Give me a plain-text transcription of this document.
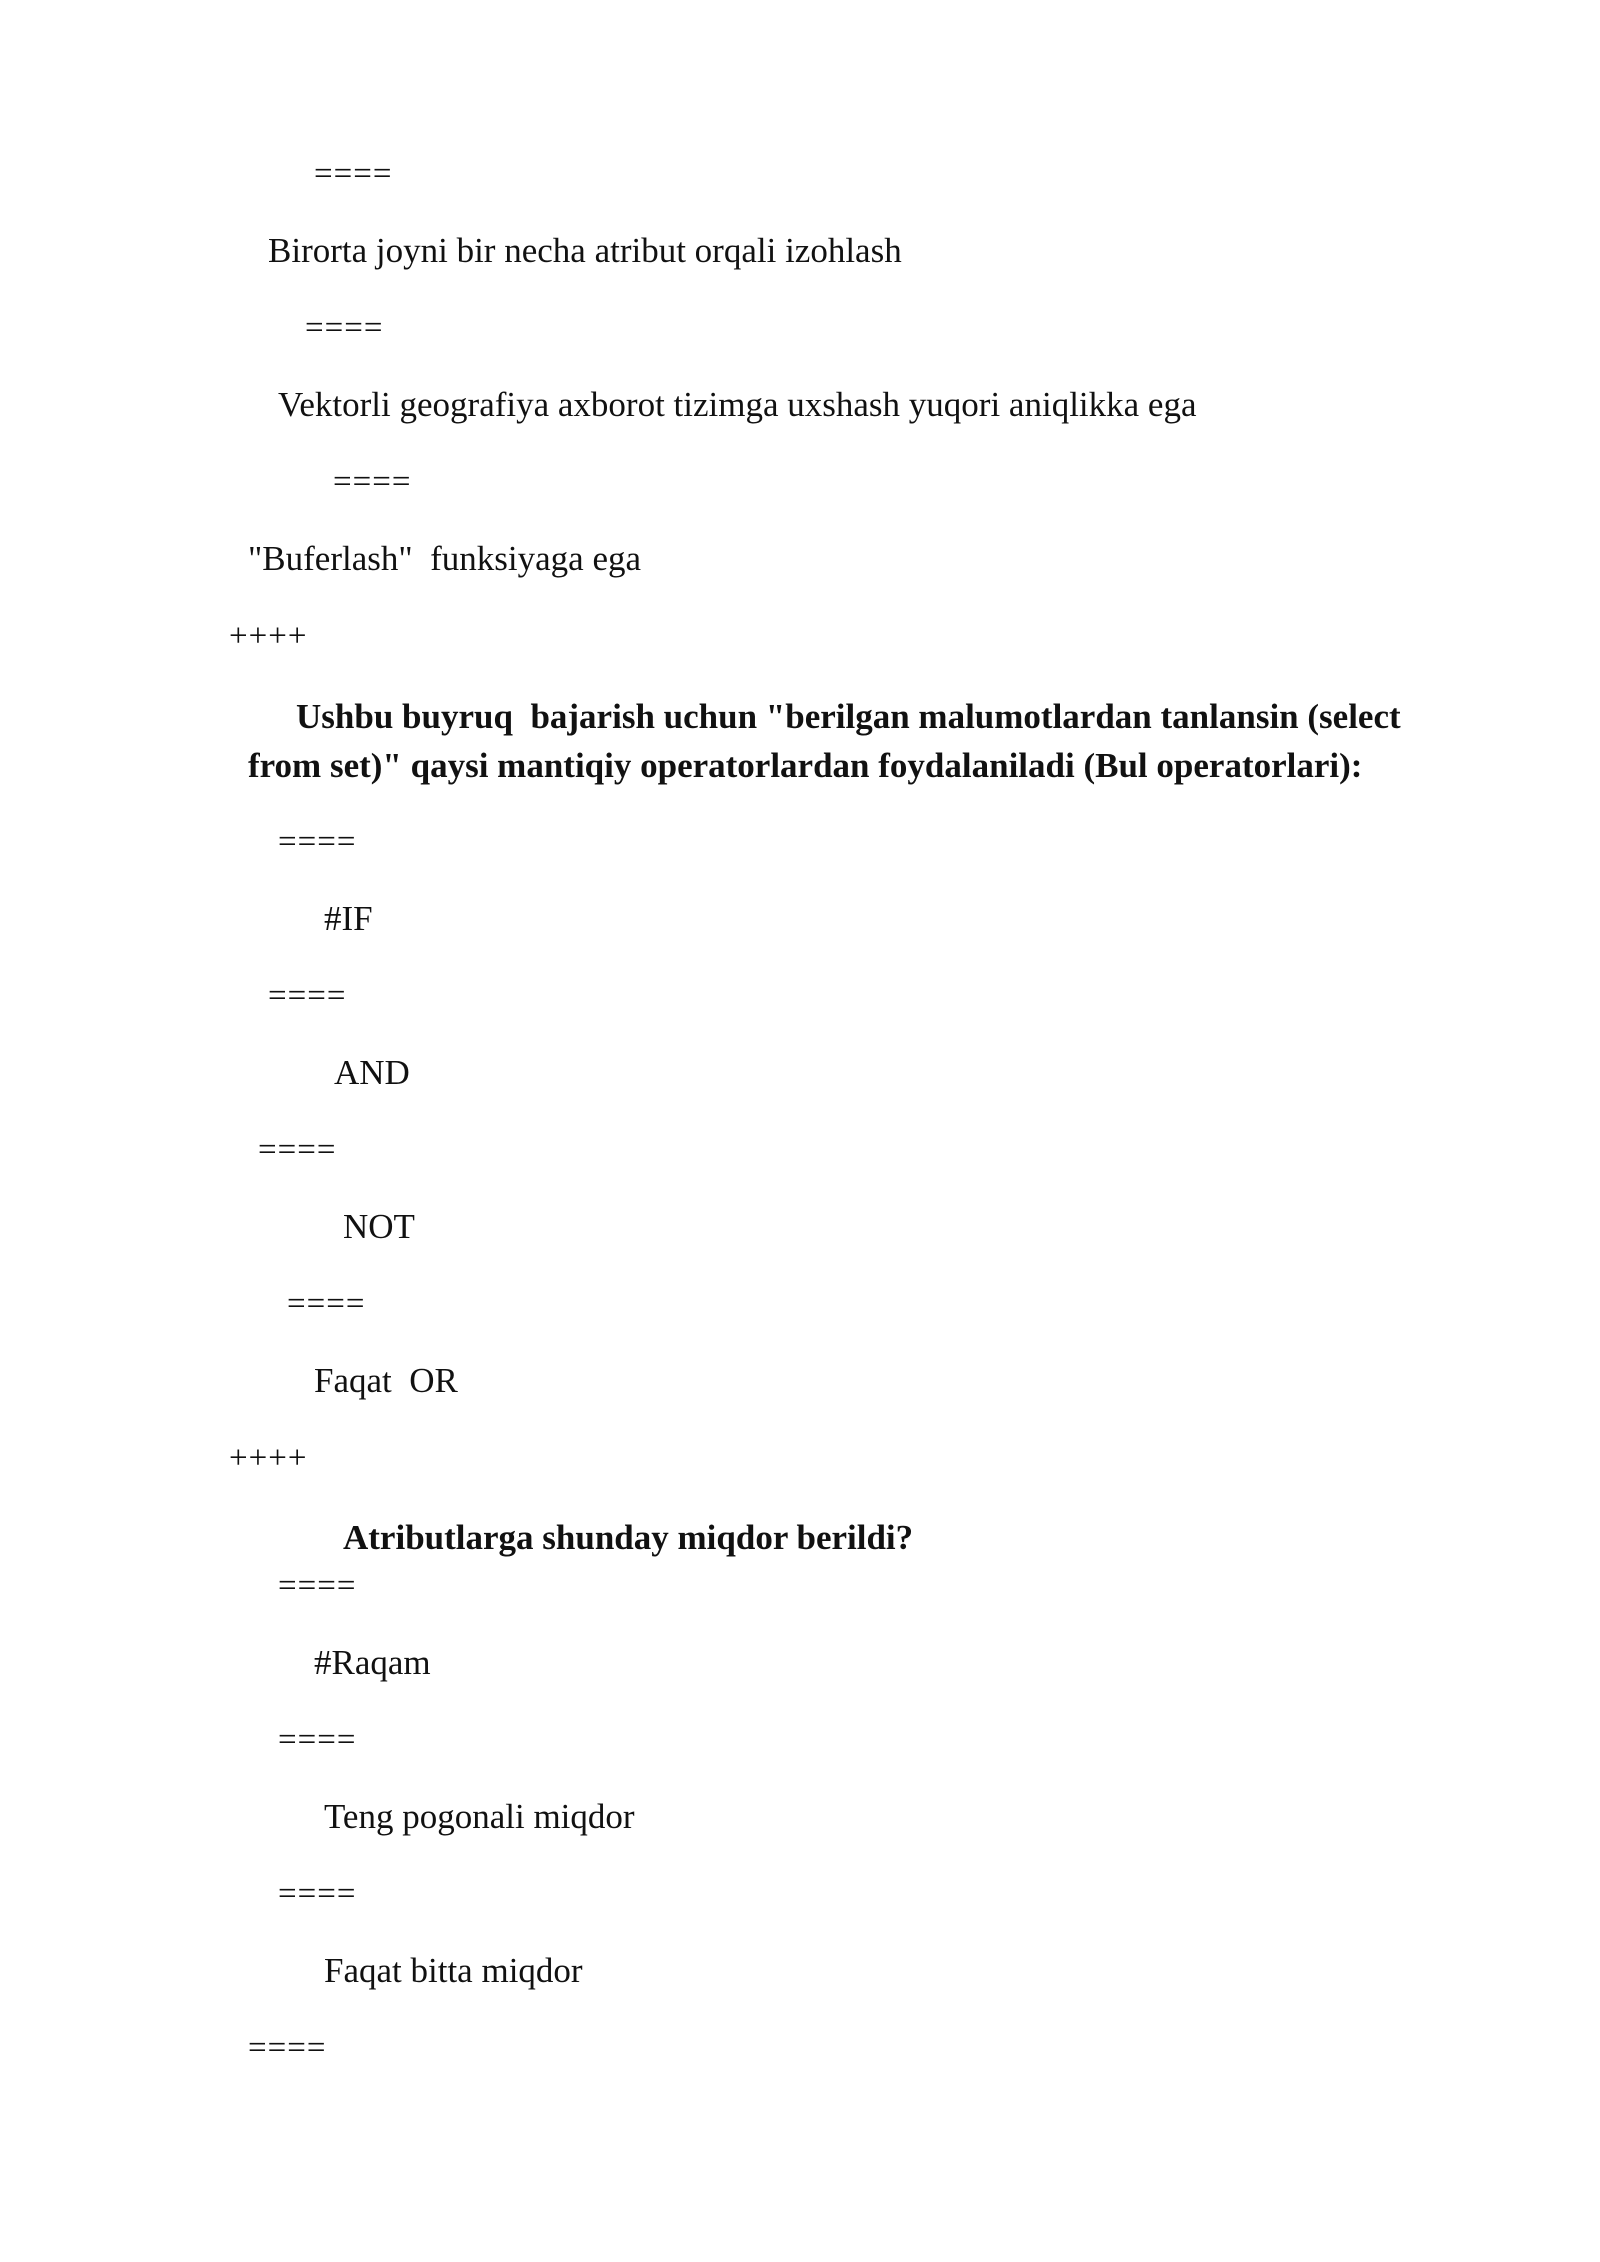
====
Birorta joyni bir necha atribut orqali izohlash
====
Vektorli geografiya axborot tizimga uxshash yuqori aniqlikka ega
====
"Buferlash"  funksiyaga ega
++++
Ushbu buyruq  bajarish uchun "berilgan malumotlardan tanlansin (select
from set)" qaysi mantiqiy operatorlardan foydalaniladi (Bul operatorlari):
====
#IF
====
AND
====
NOT
====
Faqat  OR
++++
Atributlarga shunday miqdor berildi?
====
#Raqam
====
Teng pogonali miqdor
====
Faqat bitta miqdor
====
